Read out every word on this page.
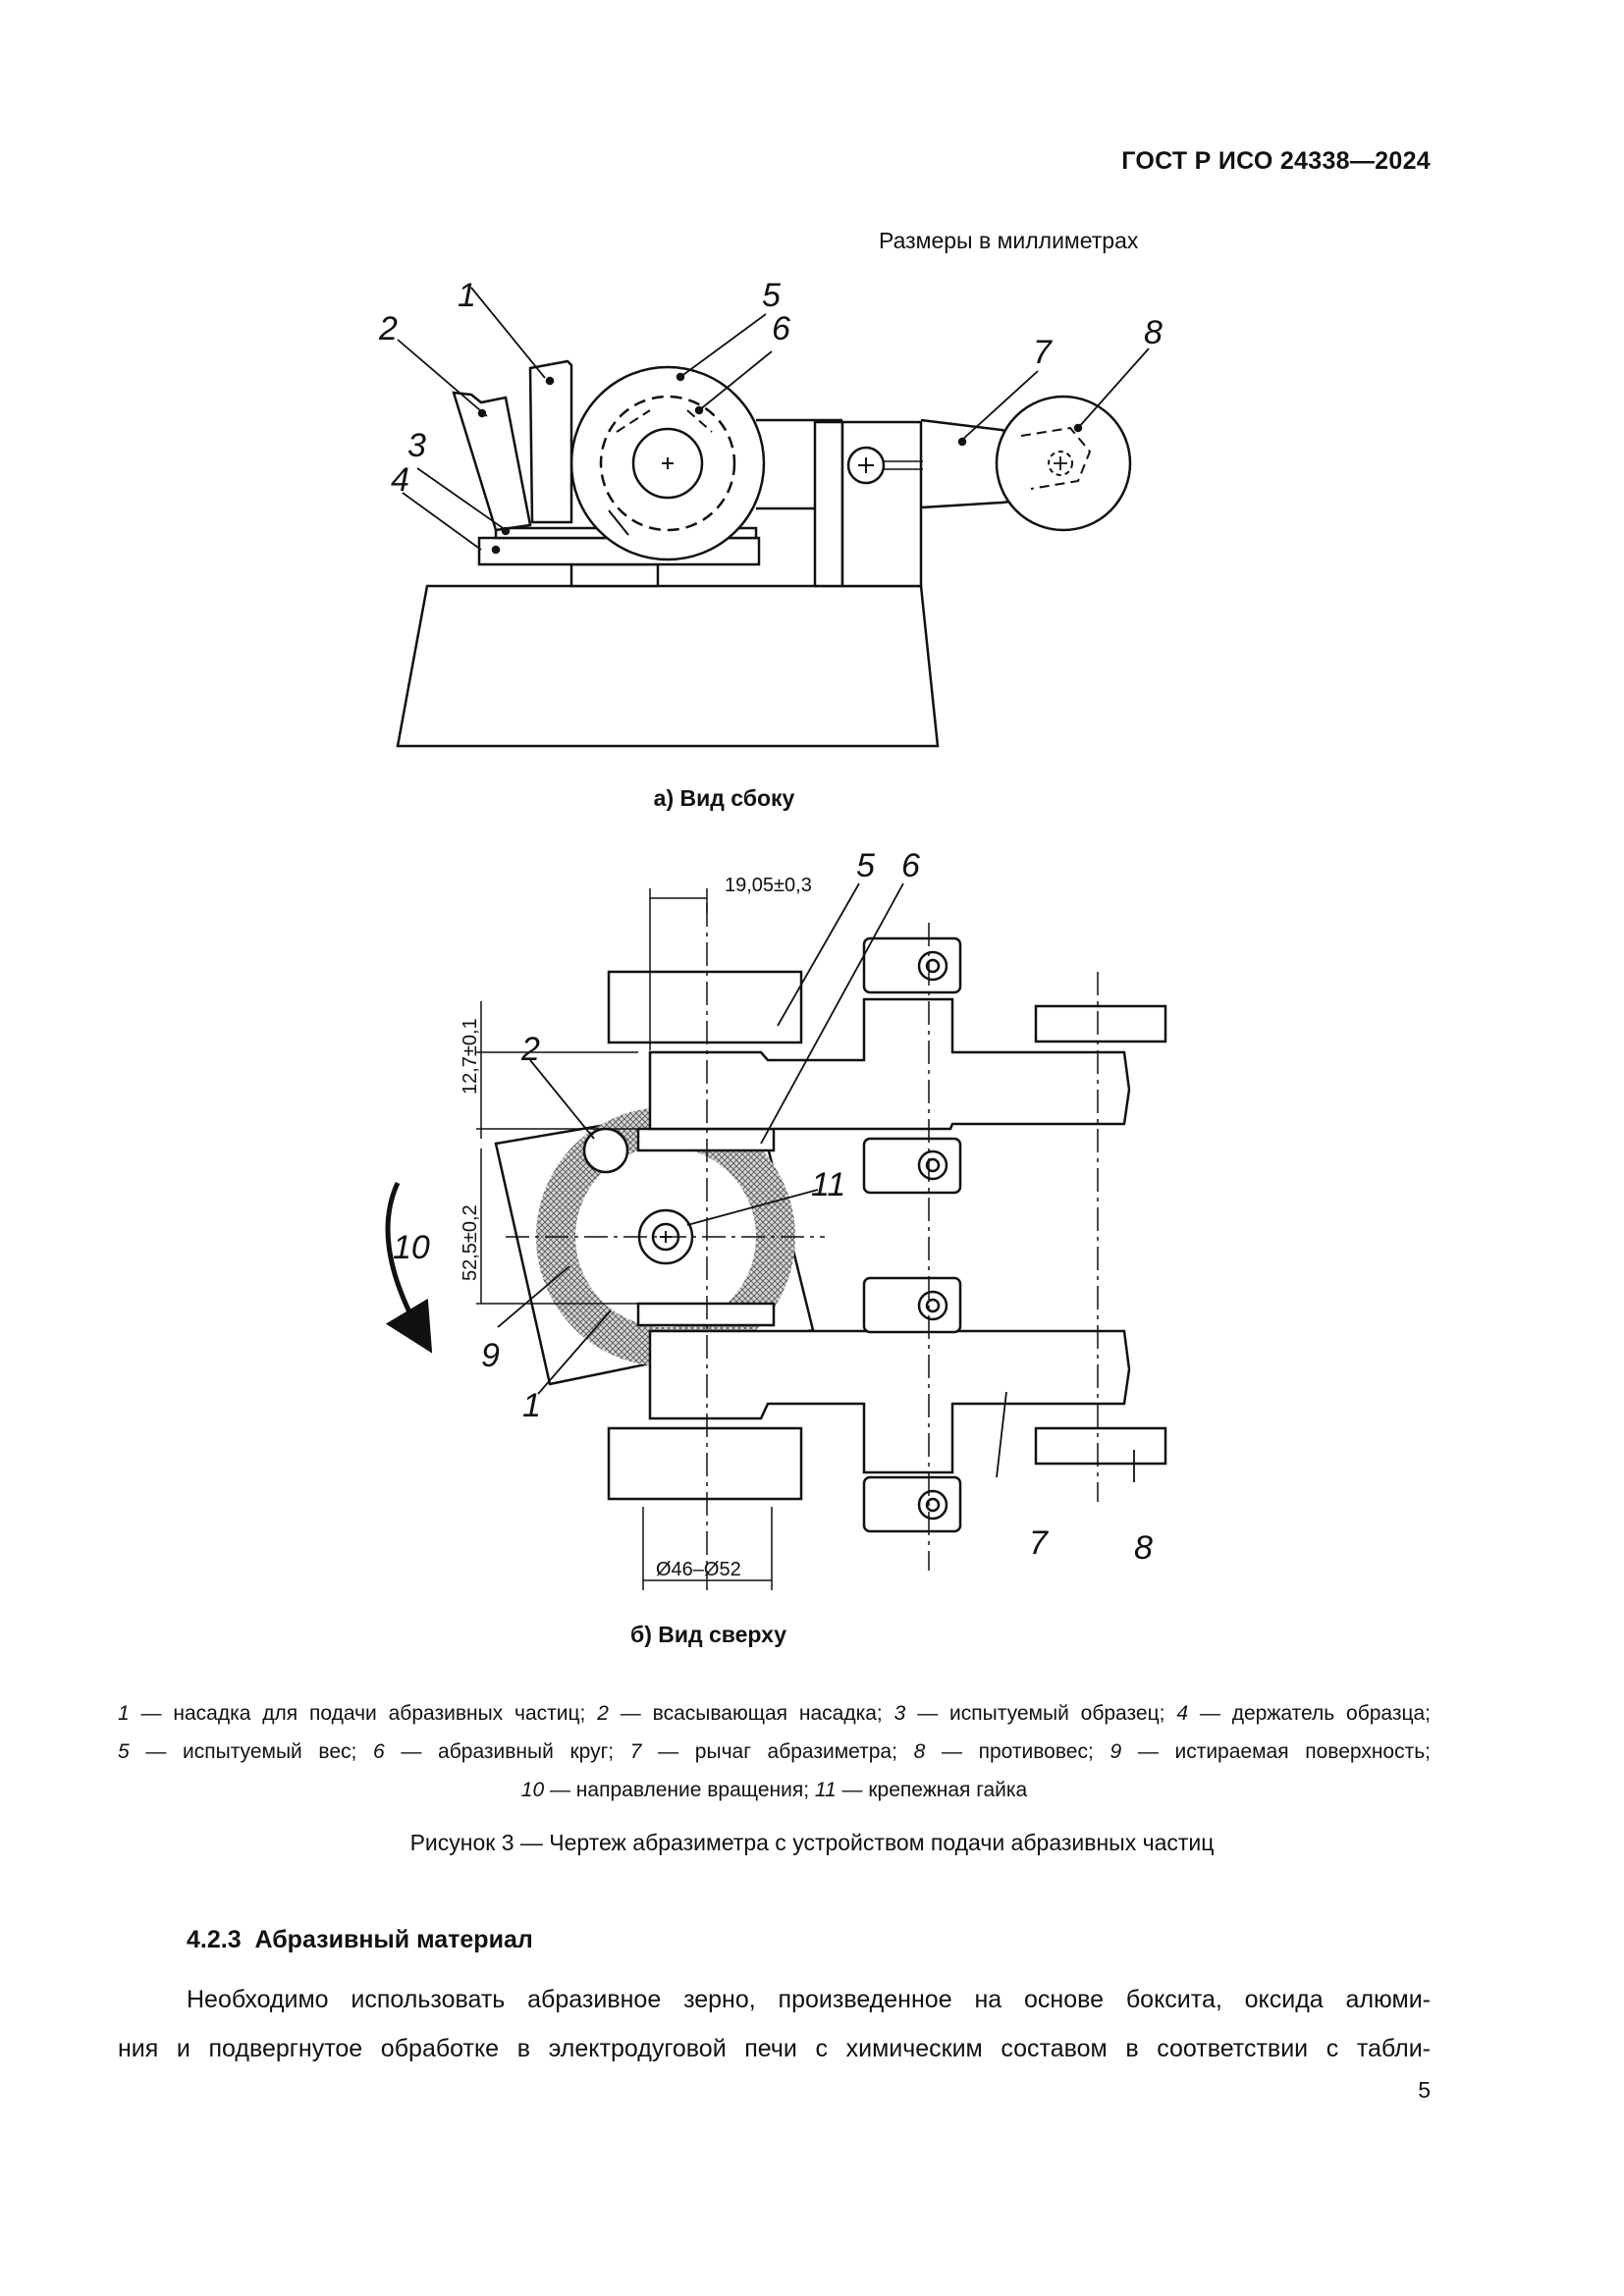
ГОСТ Р ИСО 24338—2024
Размеры в миллиметрах
1
2
3
4
5
6
7
8
5 6
2
11
10
9
1
7	8
19,05±0,3
12,7±0,1
52,5±0,2
Ø46–Ø52
а) Вид сбоку
б) Вид сверху
1 — насадка для подачи абразивных частиц; 2 — всасывающая насадка; 3 — испытуемый образец; 4 — держатель образца;
5 — испытуемый вес; 6 — абразивный круг; 7 — рычаг абразиметра; 8 — противовес; 9 — истираемая поверхность;
10 — направление вращения; 11 — крепежная гайка
Рисунок 3 — Чертеж абразиметра с устройством подачи абразивных частиц
4.2.3 Абразивный материал
Необходимо использовать абразивное зерно, произведенное на основе боксита, оксида алюми-
ния и подвергнутое обработке в электродуговой печи с химическим составом в соответствии с табли-
5
